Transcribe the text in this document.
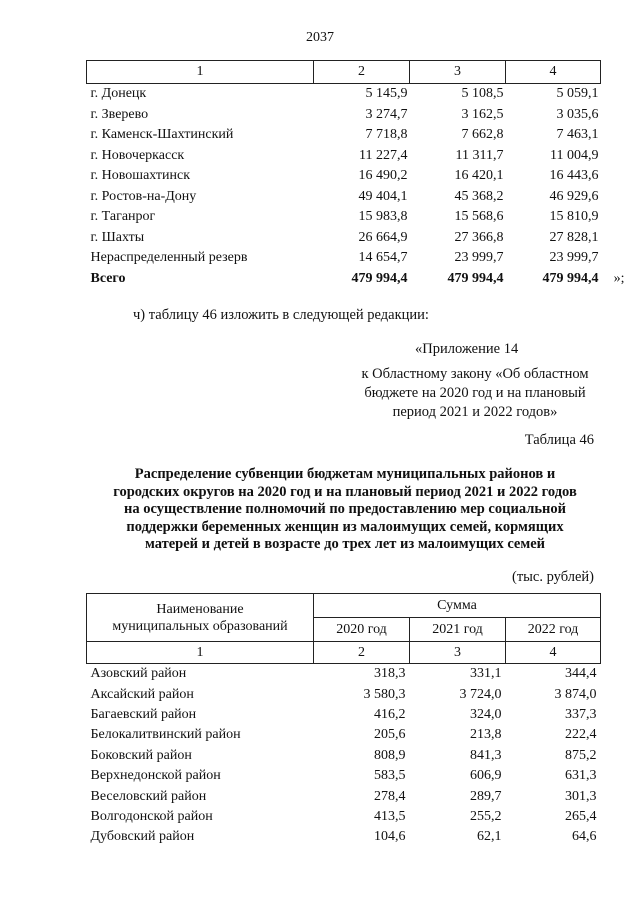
2037
1	2	3	4
г. Донецк	5 145,9	5 108,5	5 059,1
г. Зверево	3 274,7	3 162,5	3 035,6
г. Каменск-Шахтинский	7 718,8	7 662,8	7 463,1
г. Новочеркасск	11 227,4	11 311,7	11 004,9
г. Новошахтинск	16 490,2	16 420,1	16 443,6
г. Ростов-на-Дону	49 404,1	45 368,2	46 929,6
г. Таганрог	15 983,8	15 568,6	15 810,9
г. Шахты	26 664,9	27 366,8	27 828,1
Нераспределенный резерв	14 654,7	23 999,7	23 999,7
Всего	479 994,4	479 994,4	479 994,4 »;
ч) таблицу 46 изложить в следующей редакции:
«Приложение 14
к Областному закону «Об областном
бюджете на 2020 год и на плановый
период 2021 и 2022 годов»
Таблица 46
Распределение субвенции бюджетам муниципальных районов и
городских округов на 2020 год и на плановый период 2021 и 2022 годов
на осуществление полномочий по предоставлению мер социальной
поддержки беременных женщин из малоимущих семей, кормящих
матерей и детей в возрасте до трех лет из малоимущих семей
(тыс. рублей)
Наименование
муниципальных образований	Сумма		
	2020 год	2021 год	2022 год
1	2	3	4
Азовский район	318,3	331,1	344,4
Аксайский район	3 580,3	3 724,0	3 874,0
Багаевский район	416,2	324,0	337,3
Белокалитвинский район	205,6	213,8	222,4
Боковский район	808,9	841,3	875,2
Верхнедонской район	583,5	606,9	631,3
Веселовский район	278,4	289,7	301,3
Волгодонской район	413,5	255,2	265,4
Дубовский район	104,6	62,1	64,6
